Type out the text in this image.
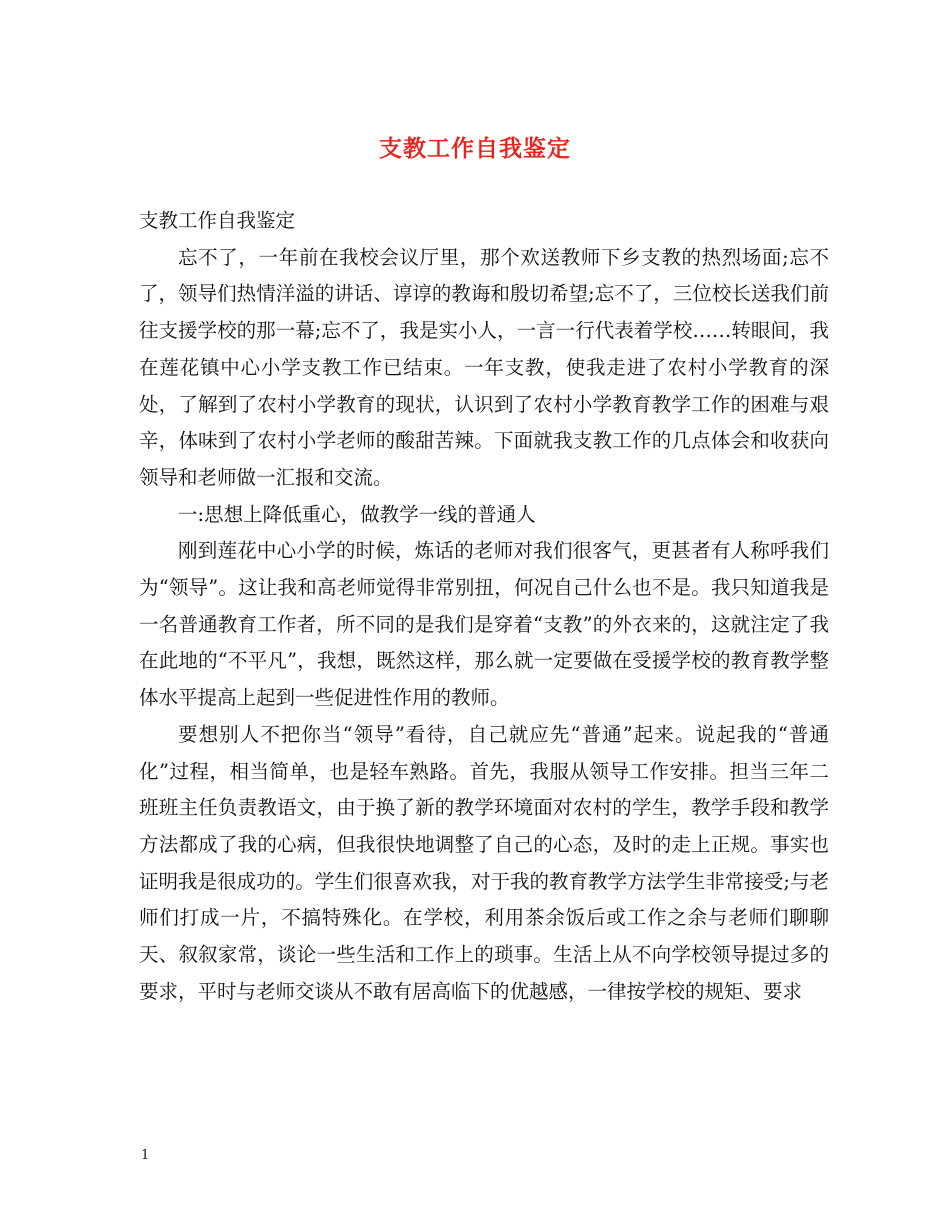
支教工作自我鉴定

支教工作自我鉴定

忘不了，一年前在我校会议厅里，那个欢送教师下乡支教的热烈场面;忘不了，领导们热情洋溢的讲话、谆谆的教诲和殷切希望;忘不了，三位校长送我们前往支援学校的那一幕;忘不了，我是实小人，一言一行代表着学校……转眼间，我在莲花镇中心小学支教工作已结束。一年支教，使我走进了农村小学教育的深处，了解到了农村小学教育的现状，认识到了农村小学教育教学工作的困难与艰辛，体味到了农村小学老师的酸甜苦辣。下面就我支教工作的几点体会和收获向领导和老师做一汇报和交流。

一:思想上降低重心，做教学一线的普通人

刚到莲花中心小学的时候，炼话的老师对我们很客气，更甚者有人称呼我们为“领导”。这让我和高老师觉得非常别扭，何况自己什么也不是。我只知道我是一名普通教育工作者，所不同的是我们是穿着“支教”的外衣来的，这就注定了我在此地的“不平凡”，我想，既然这样，那么就一定要做在受援学校的教育教学整体水平提高上起到一些促进性作用的教师。

要想别人不把你当“领导”看待，自己就应先“普通”起来。说起我的“普通化”过程，相当简单，也是轻车熟路。首先，我服从领导工作安排。担当三年二班班主任负责教语文，由于换了新的教学环境面对农村的学生，教学手段和教学方法都成了我的心病，但我很快地调整了自己的心态，及时的走上正规。事实也证明我是很成功的。学生们很喜欢我，对于我的教育教学方法学生非常接受;与老师们打成一片，不搞特殊化。在学校，利用茶余饭后或工作之余与老师们聊聊天、叙叙家常，谈论一些生活和工作上的琐事。生活上从不向学校领导提过多的要求，平时与老师交谈从不敢有居高临下的优越感，一律按学校的规矩、要求

1
